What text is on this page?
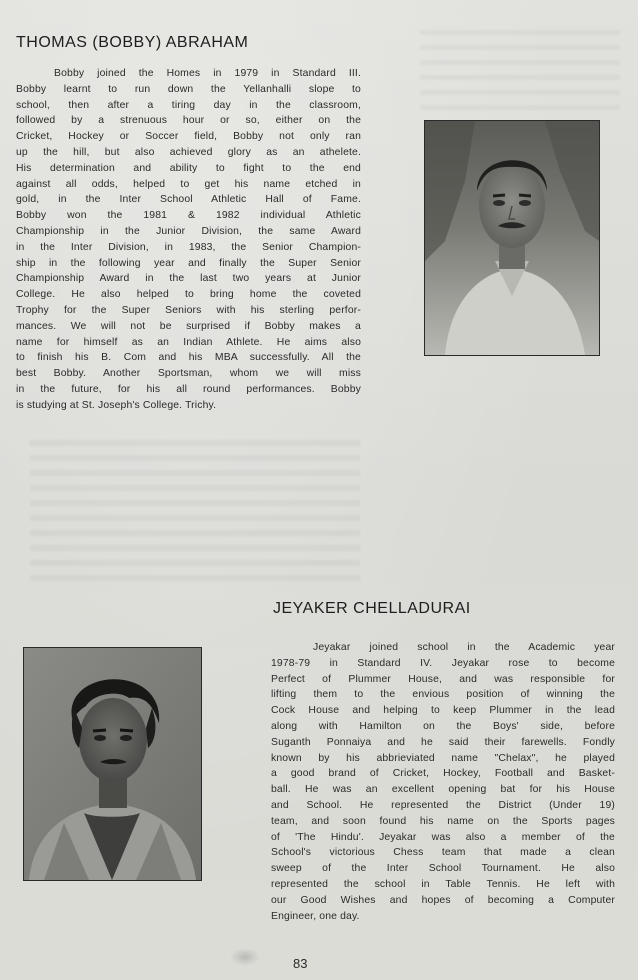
THOMAS (BOBBY) ABRAHAM
Bobby joined the Homes in 1979 in Standard III.
Bobby learnt to run down the Yellanhalli slope to
school, then after a tiring day in the classroom,
followed by a strenuous hour or so, either on the
Cricket, Hockey or Soccer field, Bobby not only ran
up the hill, but also achieved glory as an athelete.
His determination and ability to fight to the end
against all odds, helped to get his name etched in
gold, in the Inter School Athletic Hall of Fame.
Bobby won the 1981 & 1982 individual Athletic
Championship in the Junior Division, the same Award
in the Inter Division, in 1983, the Senior Champion-
ship in the following year and finally the Super Senior
Championship Award in the last two years at Junior
College. He also helped to bring home the coveted
Trophy for the Super Seniors with his sterling perfor-
mances. We will not be surprised if Bobby makes a
name for himself as an Indian Athlete. He aims also
to finish his B. Com and his MBA successfully. All the
best Bobby. Another Sportsman, whom we will miss
in the future, for his all round performances. Bobby
is studying at St. Joseph's College. Trichy.
JEYAKER CHELLADURAI
Jeyakar joined school in the Academic year
1978-79 in Standard IV. Jeyakar rose to become
Perfect of Plummer House, and was responsible for
lifting them to the envious position of winning the
Cock House and helping to keep Plummer in the lead
along with Hamilton on the Boys' side, before
Suganth Ponnaiya and he said their farewells. Fondly
known by his abbrieviated name "Chelax", he played
a good brand of Cricket, Hockey, Football and Basket-
ball. He was an excellent opening bat for his House
and School. He represented the District (Under 19)
team, and soon found his name on the Sports pages
of 'The Hindu'. Jeyakar was also a member of the
School's victorious Chess team that made a clean
sweep of the Inter School Tournament. He also
represented the school in Table Tennis. He left with
our Good Wishes and hopes of becoming a Computer
Engineer, one day.
83
